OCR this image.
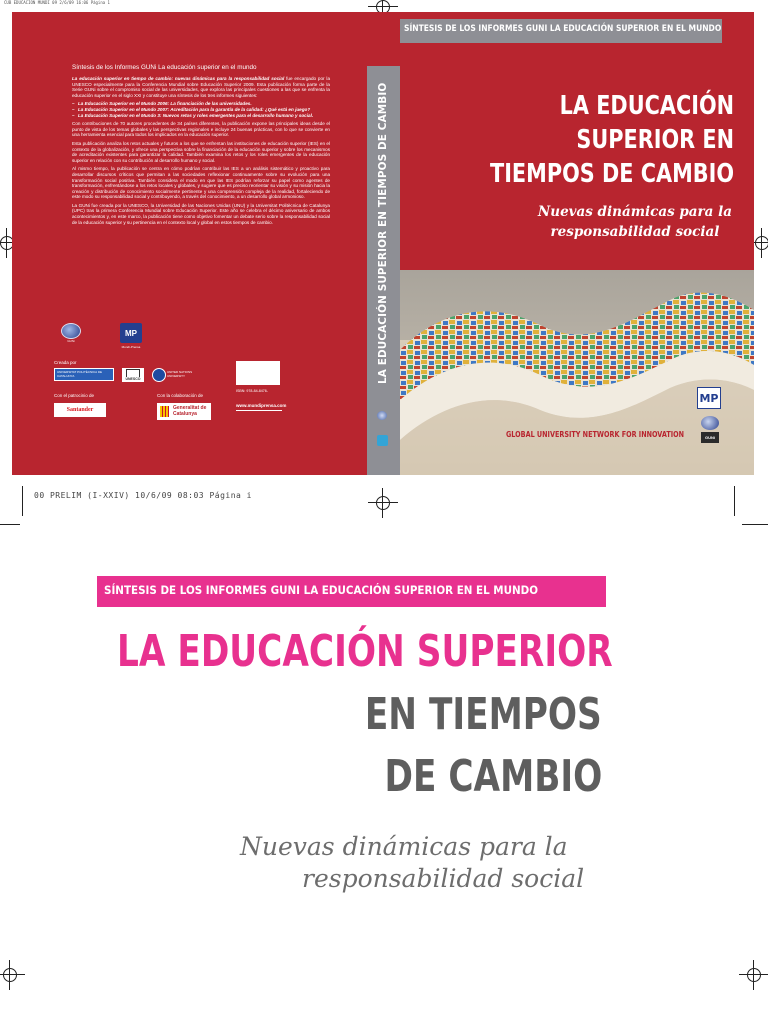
CUB EDUCACION MUNDI 09 2/6/09 16:06 Página 1
Síntesis de los Informes GUNi La educación superior en el mundo

La educación superior en tiempo de cambio: nuevas dinámicas para la responsabilidad social fue encargado por la UNESCO especialmente para la Conferencia Mundial sobre Educación Superior 2009. Esta publicación forma parte de la Serie GUNi sobre el compromiso social de las universidades, que explora las principales cuestiones a las que se enfrenta la educación superior en el siglo XXI y constituye una síntesis de los tres informes siguientes:

– La Educación Superior en el Mundo 2006: La financiación de las universidades.
– La Educación Superior en el Mundo 2007: Acreditación para la garantía de la calidad: ¿Qué está en juego?
– La Educación Superior en el Mundo 3: Nuevos retos y roles emergentes para el desarrollo humano y social.

Con contribuciones de 70 autores procedentes de 34 países diferentes, la publicación expone las principales ideas desde el punto de vista de los temas globales y las perspectivas regionales e incluye 24 buenas prácticas, con lo que se convierte en una herramienta esencial para todos los implicados en la educación superior.

Esta publicación analiza los retos actuales y futuros a los que se enfrentan las instituciones de educación superior (IES) en el contexto de la globalización, y ofrece una perspectiva sobre la financiación de la educación superior y sobre los mecanismos de acreditación existentes para garantizar la calidad. También examina los retos y los roles emergentes de la educación superior en relación con su contribución al desarrollo humano y social.

Al mismo tiempo, la publicación se centra en cómo podrían contribuir las IES a un análisis sistemático y proactivo para desarrollar discursos críticos que permitan a las sociedades reflexionar continuamente sobre su evolución para una transformación social positiva. También considera el modo en que las IES podrían reforzar su papel como agentes de transformación, enfrentándose a los retos locales y globales, y sugiere que es preciso reorientar su visión y su misión hacia la creación y distribución de conocimiento socialmente pertinente y una comprensión compleja de la realidad, fortaleciendo de este modo su responsabilidad social y contribuyendo, a través del conocimiento, a un desarrollo global armonioso.

La GUNi fue creada por la UNESCO, la Universidad de las Naciones Unidas (UNU) y la Universitat Politècnica de Catalunya (UPC) tras la primera Conferencia Mundial sobre Educación Superior. Este año se celebra el décimo aniversario de ambos acontecimientos y, en este marco, la publicación tiene como objetivo fomentar un debate serio sobre la responsabilidad social de la educación superior y su pertinencia en el contexto local y global en estos tiempos de cambio.

GUNi
MP
Mundi-Prensa
Creada por
UNIVERSITAT POLITÈCNICA DE CATALUNYA
UNESCO
UNITED NATIONS UNIVERSITY
ISBN: 978-84-8476-
Con el patrocinio de	Con la colaboración de
Santander	Generalitat de Catalunya
www.mundiprensa.com
LA EDUCACIÓN SUPERIOR EN TIEMPOS DE CAMBIO
SÍNTESIS DE LOS INFORMES GUNI LA EDUCACIÓN SUPERIOR EN EL MUNDO
LA EDUCACIÓN
SUPERIOR EN
TIEMPOS DE CAMBIO
Nuevas dinámicas para la
responsabilidad social
MP
GLOBAL UNIVERSITY NETWORK FOR INNOVATION	GUNi
00 PRELIM (I-XXIV) 10/6/09 08:03 Página i
SÍNTESIS DE LOS INFORMES GUNI LA EDUCACIÓN SUPERIOR EN EL MUNDO
LA EDUCACIÓN SUPERIOR
EN TIEMPOS
DE CAMBIO
Nuevas dinámicas para la
responsabilidad social
